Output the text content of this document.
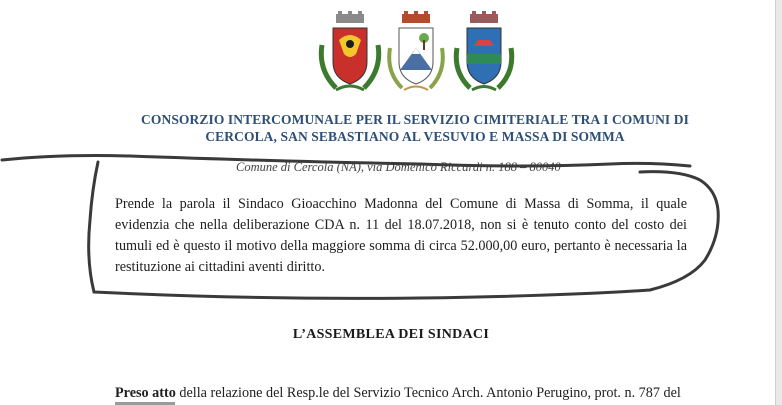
CONSORZIO INTERCOMUNALE PER IL SERVIZIO CIMITERIALE TRA I COMUNI DI
CERCOLA, SAN SEBASTIANO AL VESUVIO E MASSA DI SOMMA
Comune di Cercola (NA), via Domenico Riccardi n. 188 – 80040
Prende la parola il Sindaco Gioacchino Madonna del Comune di Massa di Somma, il quale evidenzia che nella deliberazione CDA n. 11 del 18.07.2018, non si è tenuto conto del costo dei tumuli ed è questo il motivo della maggiore somma di circa 52.000,00 euro, pertanto è necessaria la restituzione ai cittadini aventi diritto.
L’ASSEMBLEA DEI SINDACI
Preso atto della relazione del Resp.le del Servizio Tecnico Arch. Antonio Perugino, prot. n. 787 del
